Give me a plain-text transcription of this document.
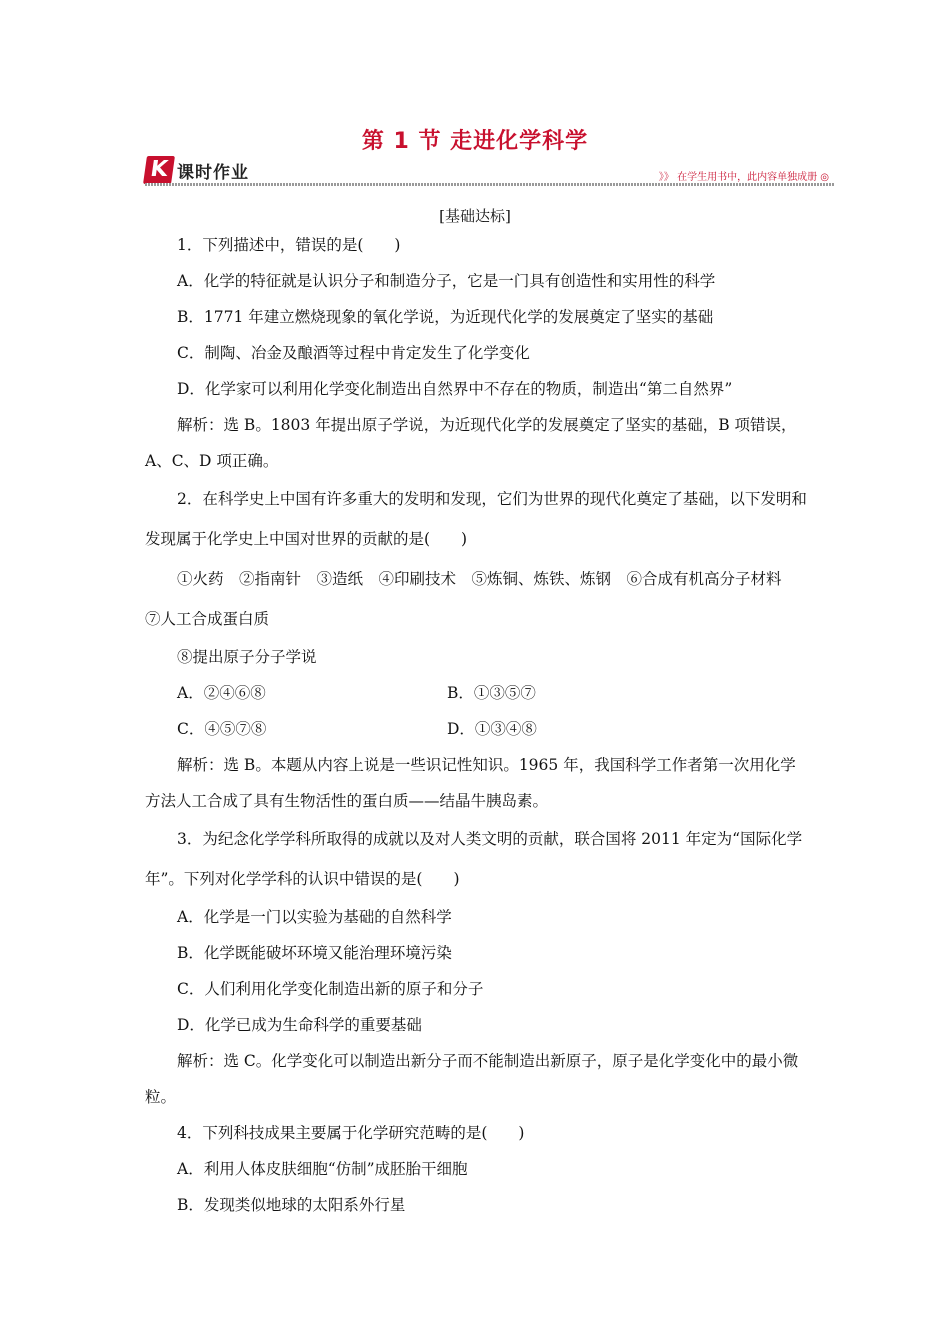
第 1 节 走进化学科学
K 课时作业	》》 在学生用书中，此内容单独成册 ◎
[基础达标]

1．下列描述中，错误的是(　　)

A．化学的特征就是认识分子和制造分子，它是一门具有创造性和实用性的科学

B．1771 年建立燃烧现象的氧化学说，为近现代化学的发展奠定了坚实的基础

C．制陶、冶金及酿酒等过程中肯定发生了化学变化

D．化学家可以利用化学变化制造出自然界中不存在的物质，制造出“第二自然界”

解析：选 B。1803 年提出原子学说，为近现代化学的发展奠定了坚实的基础，B 项错误，A、C、D 项正确。

2．在科学史上中国有许多重大的发明和发现，它们为世界的现代化奠定了基础，以下发明和发现属于化学史上中国对世界的贡献的是(　　)

①火药　②指南针　③造纸　④印刷技术　⑤炼铜、炼铁、炼钢　⑥合成有机高分子材料　⑦人工合成蛋白质

⑧提出原子分子学说

A．②④⑥⑧	B．①③⑤⑦
C．④⑤⑦⑧	D．①③④⑧

解析：选 B。本题从内容上说是一些识记性知识。1965 年，我国科学工作者第一次用化学方法人工合成了具有生物活性的蛋白质——结晶牛胰岛素。

3．为纪念化学学科所取得的成就以及对人类文明的贡献，联合国将 2011 年定为“国际化学年”。下列对化学学科的认识中错误的是(　　)

A．化学是一门以实验为基础的自然科学

B．化学既能破坏环境又能治理环境污染

C．人们利用化学变化制造出新的原子和分子

D．化学已成为生命科学的重要基础

解析：选 C。化学变化可以制造出新分子而不能制造出新原子，原子是化学变化中的最小微粒。

4．下列科技成果主要属于化学研究范畴的是(　　)

A．利用人体皮肤细胞“仿制”成胚胎干细胞

B．发现类似地球的太阳系外行星
